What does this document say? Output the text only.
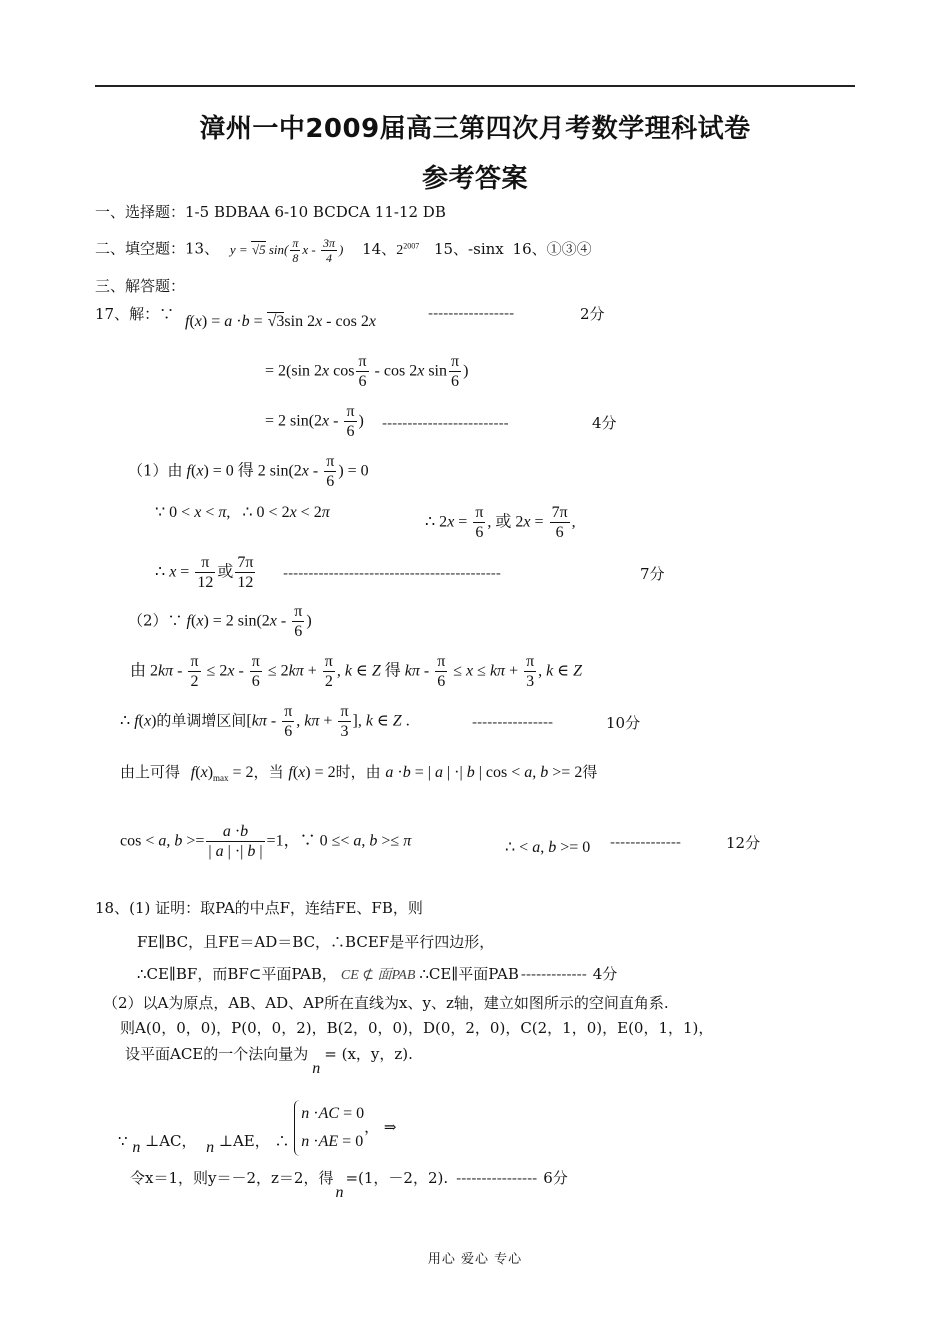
漳州一中2009届高三第四次月考数学理科试卷
参考答案
一、选择题：1-5 BDBAA 6-10 BCDCA 11-12 DB
二、填空题：13、 y = √5 $\sin( \frac{\pi}{8}$ x - $\frac{3\pi}{4}$ ) 14、$2^{2007}$ 15、-sinx 16、①③④
三、解答题：
17、解：∵ f(x) = a ·b = √3sin 2x - cos 2x	-----------------	2分
= 2(sin 2x $\cos \frac{\pi}{6}$ - cos 2x $\sin \frac{\pi}{6}$ )
= 2 $\sin(2x - \frac{\pi}{6}$ ) -------------------------	4分
（1）由 f(x) = 0 得 2 $\sin(2x - \frac{\pi}{6}$ ) = 0
∵ 0 < x < π,   ∴ 0 < 2x < 2π
∴ $2x = \frac{\pi}{6}$ , 或 $2x = \frac{7\pi}{6}$ ,
∴ $x = \frac{\pi}{12}$ 或 $\frac{7\pi}{12}$ -------------------------------------------	7分
（2）∵ f(x) = 2 $\sin(2x - \frac{\pi}{6}$ )
由 $2k\pi - \frac{\pi}{2} \le 2x - \frac{\pi}{6} \le 2k\pi + \frac{\pi}{2}$ , k ∈ Z 得 $k\pi - \frac{\pi}{6} \le x \le k\pi + \frac{\pi}{3}$ , k ∈ Z
∴ f(x)的单调增区间[$k\pi - \frac{\pi}{6}$ , $k\pi + \frac{\pi}{3}$ ], k ∈ Z .	----------------	10分
由上可得 $f(x)_{max} = 2$，当 f(x) = 2时，由 a ·b = | a | ·| b | cos < a, b >= 2得
cos < a, $b >= \frac{a \cdot b}{| a | \cdot| b |} =1$，∵ 0 ≤< a, b >≤ π	∴ < a, b >= 0 --------------	12分
18、(1) 证明：取PA的中点F，连结FE、FB，则
FE∥BC，且FE＝AD＝BC，∴BCEF是平行四边形，
∴CE∥BF，而BF⊂平面PAB， CE ⊄ 面PAB ∴CE∥平面PAB ------------- 4分
（2）以A为原点，AB、AD、AP所在直线为x、y、z轴，建立如图所示的空间直角系.
则A(0，0，0)，P(0，0，2)，B(2，0，0)，D(0，2，0)，C(2，1，0)，E(0，1，1)，
设平面ACE的一个法向量为n= (x，y，z).
∵ n ⊥AC， n ⊥AE， ∴ n ·AC = 0
n ·AE = 0， ⇒
令x＝1，则y＝－2，z＝2，得n=(1，－2，2). ---------------- 6分
用心 爱心 专心
